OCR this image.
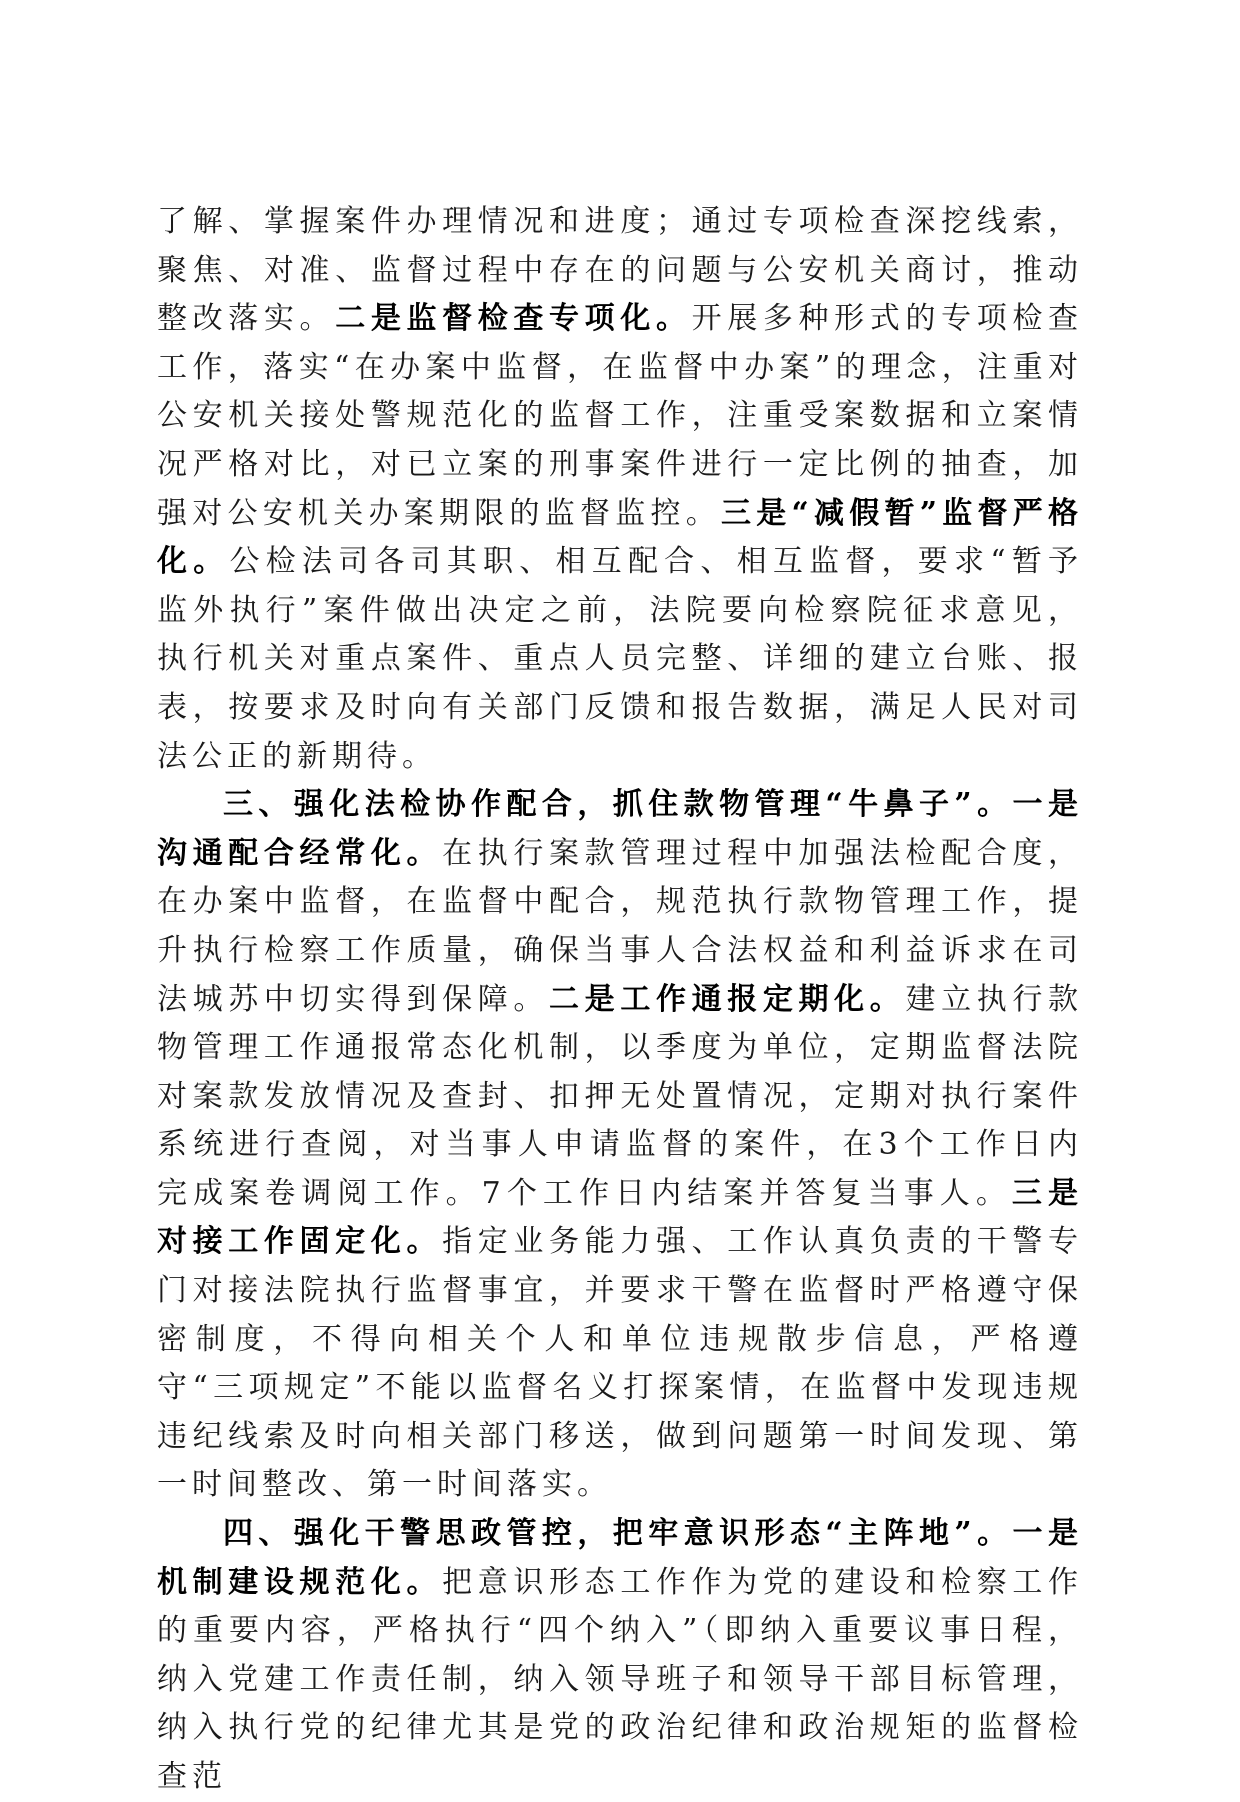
了解、掌握案件办理情况和进度；通过专项检查深挖线索，聚焦、对准、监督过程中存在的问题与公安机关商讨，推动整改落实。二是监督检查专项化。开展多种形式的专项检查工作，落实“在办案中监督，在监督中办案”的理念，注重对公安机关接处警规范化的监督工作，注重受案数据和立案情况严格对比，对已立案的刑事案件进行一定比例的抽查，加强对公安机关办案期限的监督监控。三是“减假暂”监督严格化。公检法司各司其职、相互配合、相互监督，要求“暂予监外执行”案件做出决定之前，法院要向检察院征求意见，执行机关对重点案件、重点人员完整、详细的建立台账、报表，按要求及时向有关部门反馈和报告数据，满足人民对司法公正的新期待。

三、强化法检协作配合，抓住款物管理“牛鼻子”。一是沟通配合经常化。在执行案款管理过程中加强法检配合度，在办案中监督，在监督中配合，规范执行款物管理工作，提升执行检察工作质量，确保当事人合法权益和利益诉求在司法城苏中切实得到保障。二是工作通报定期化。建立执行款物管理工作通报常态化机制，以季度为单位，定期监督法院对案款发放情况及查封、扣押无处置情况，定期对执行案件系统进行查阅，对当事人申请监督的案件，在3个工作日内完成案卷调阅工作。7个工作日内结案并答复当事人。三是对接工作固定化。指定业务能力强、工作认真负责的干警专门对接法院执行监督事宜，并要求干警在监督时严格遵守保密制度，不得向相关个人和单位违规散步信息，严格遵守“三项规定”不能以监督名义打探案情，在监督中发现违规违纪线索及时向相关部门移送，做到问题第一时间发现、第一时间整改、第一时间落实。

四、强化干警思政管控，把牢意识形态“主阵地”。一是机制建设规范化。把意识形态工作作为党的建设和检察工作的重要内容，严格执行“四个纳入”（即纳入重要议事日程，纳入党建工作责任制，纳入领导班子和领导干部目标管理，纳入执行党的纪律尤其是党的政治纪律和政治规矩的监督检查范
